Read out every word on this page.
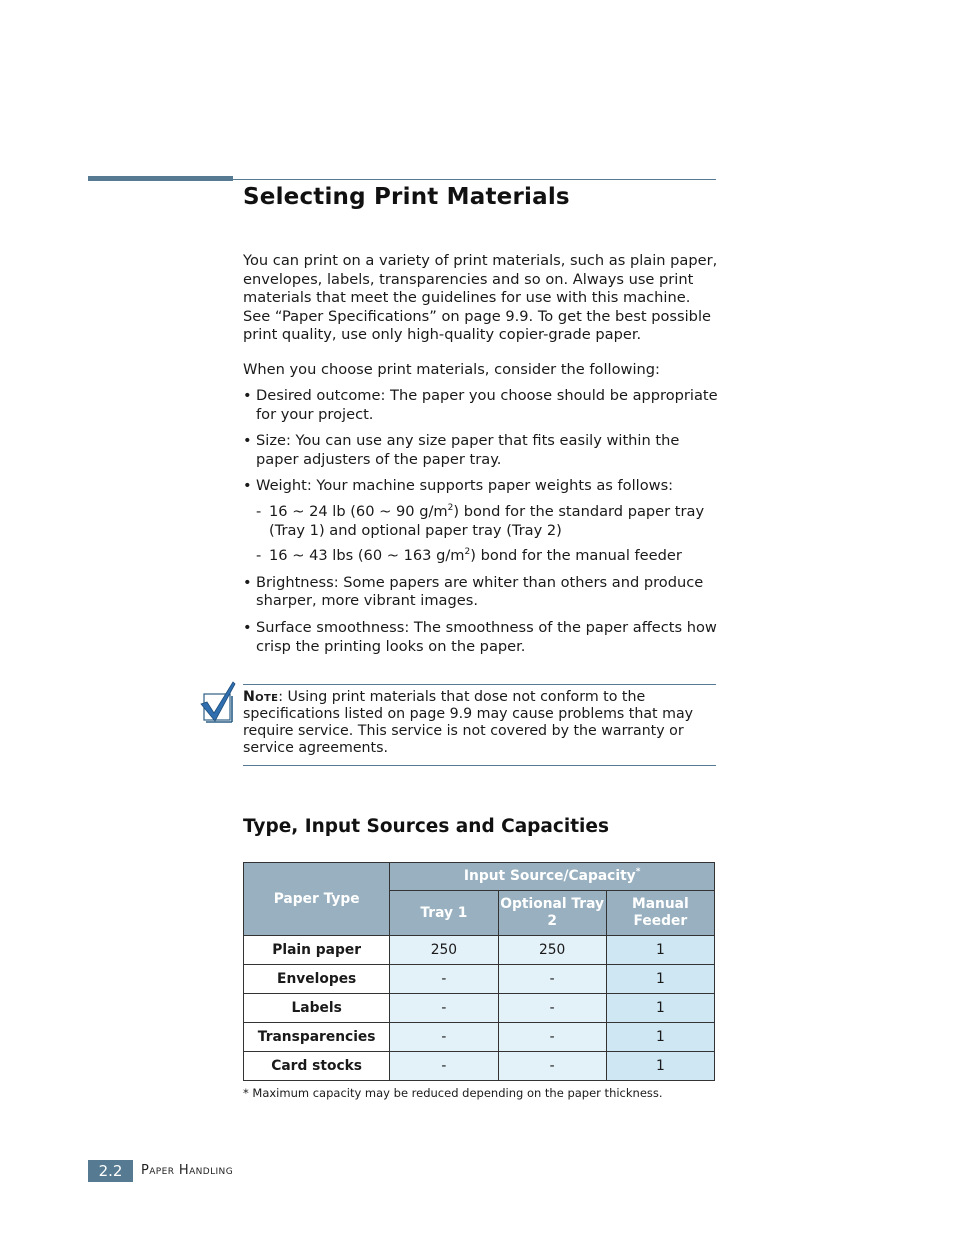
Selecting Print Materials

You can print on a variety of print materials, such as plain paper, envelopes, labels, transparencies and so on. Always use print materials that meet the guidelines for use with this machine. See “Paper Specifications” on page 9.9. To get the best possible print quality, use only high-quality copier-grade paper.

When you choose print materials, consider the following:

• Desired outcome: The paper you choose should be appropriate for your project.
• Size: You can use any size paper that fits easily within the paper adjusters of the paper tray.
• Weight: Your machine supports paper weights as follows:
- 16 ~ 24 lb (60 ~ 90 $g/m^2$) bond for the standard paper tray (Tray 1) and optional paper tray (Tray 2)
- 16 ~ 43 lbs (60 ~ 163 $g/m^2$) bond for the manual feeder
• Brightness: Some papers are whiter than others and produce sharper, more vibrant images.
• Surface smoothness: The smoothness of the paper affects how crisp the printing looks on the paper.
Note: Using print materials that dose not conform to the specifications listed on page 9.9 may cause problems that may require service. This service is not covered by the warranty or service agreements.
Type, Input Sources and Capacities
Paper Type	Input Source/Capacity*
	Tray 1	Optional Tray 2	Manual Feeder
Plain paper	250	250	1
Envelopes	-	-	1
Labels	-	-	1
Transparencies	-	-	1
Card stocks	-	-	1
* Maximum capacity may be reduced depending on the paper thickness.
2.2	Paper Handling
